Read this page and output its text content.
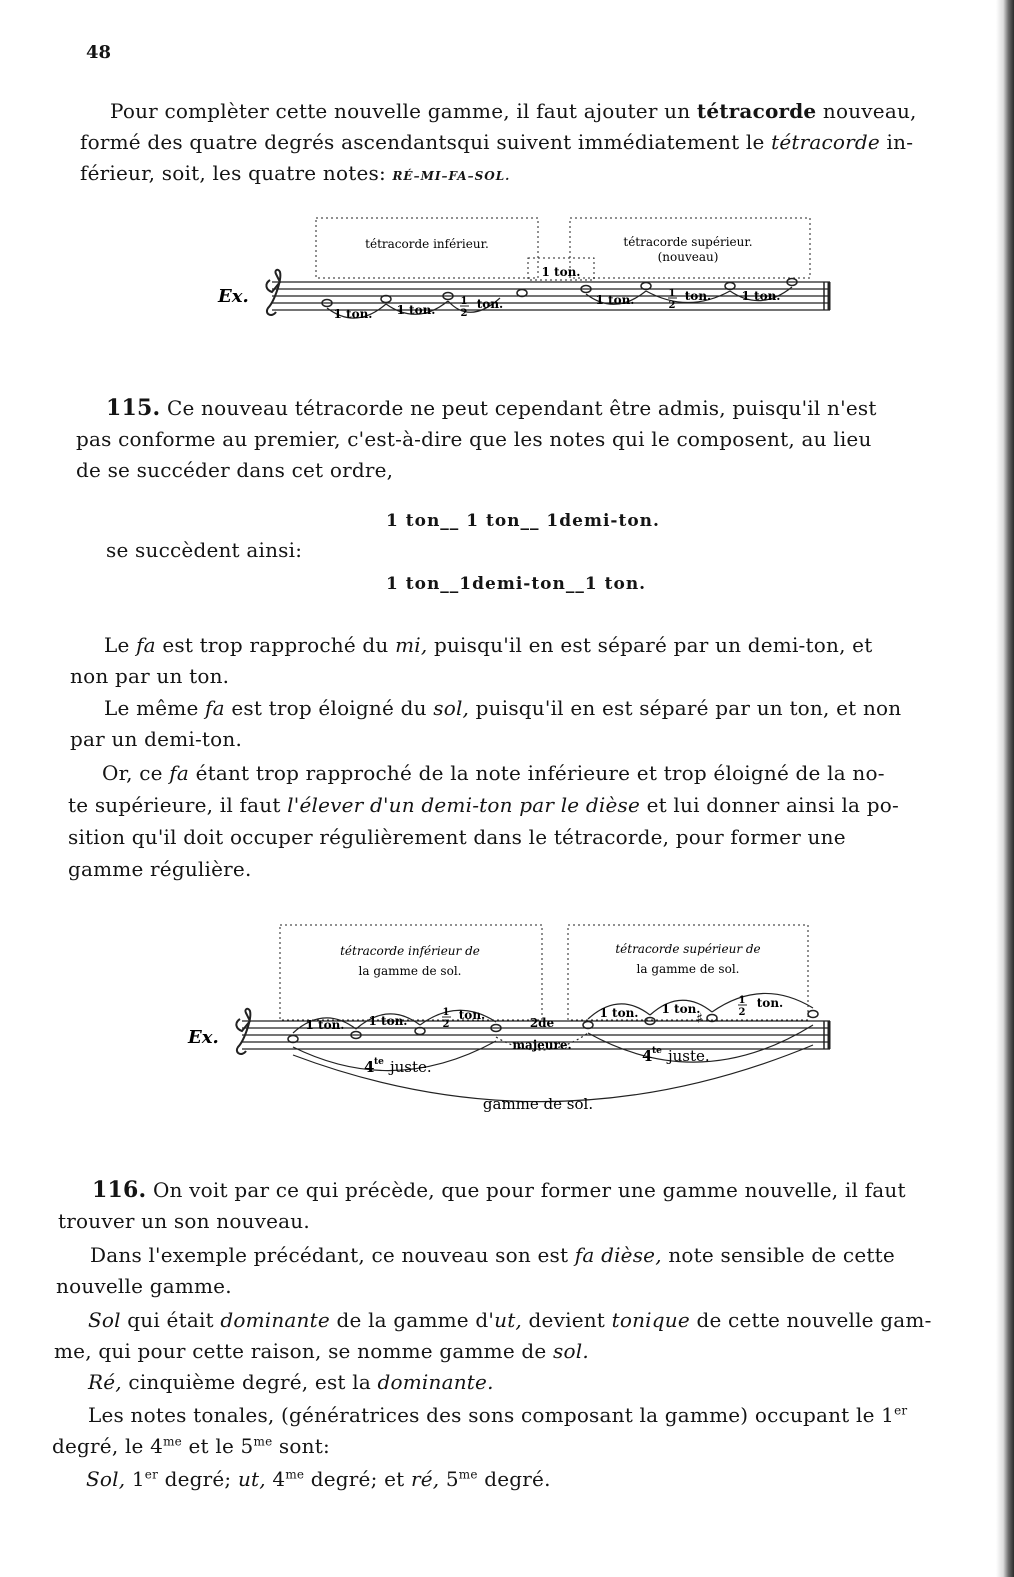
48
Pour complèter cette nouvelle gamme, il faut ajouter un tétracorde nouveau,
formé des quatre degrés ascendantsqui suivent immédiatement le tétracorde in-
férieur, soit, les quatre notes: RÉ–MI–FA–SOL.
tétracorde inférieur.	tétracorde supérieur.
(nouveau)
1 ton.
Ex.
1 ton. 1 ton.
1
2
ton.	1 ton.	1
2
ton.	1 ton.
115. Ce nouveau tétracorde ne peut cependant être admis, puisqu'il n'est
pas conforme au premier, c'est-à-dire que les notes qui le composent, au lieu
de se succéder dans cet ordre,
1 ton__ 1 ton__ 1demi-ton.
se succèdent ainsi:
1 ton__1demi-ton__1 ton.
Le fa est trop rapproché du mi, puisqu'il en est séparé par un demi-ton, et
non par un ton.
Le même fa est trop éloigné du sol, puisqu'il en est séparé par un ton, et non
par un demi-ton.
Or, ce fa étant trop rapproché de la note inférieure et trop éloigné de la no-
te supérieure, il faut l'élever d'un demi-ton par le dièse et lui donner ainsi la po-
sition qu'il doit occuper régulièrement dans le tétracorde, pour former une
gamme régulière.
tétracorde inférieur de
la gamme de sol.
tétracorde supérieur de
la gamme de sol.
Ex.
♯
1 ton. 1 ton.
1
2
ton.
2de
majeure.
1 ton. 1 ton.
1
2
ton.
4 te juste.
4 te juste.
gamme de sol.
116. On voit par ce qui précède, que pour former une gamme nouvelle, il faut
trouver un son nouveau.
Dans l'exemple précédant, ce nouveau son est fa dièse, note sensible de cette
nouvelle gamme.
Sol qui était dominante de la gamme d'ut, devient tonique de cette nouvelle gam-
me, qui pour cette raison, se nomme gamme de sol.
Ré, cinquième degré, est la dominante.
Les notes tonales, (génératrices des sons composant la gamme) occupant le 1er
degré, le $4^{me}$ et le $5^{me}$ sont:
Sol, 1er degré; ut, $4^{me}$ degré; et ré, $5^{me}$ degré.
